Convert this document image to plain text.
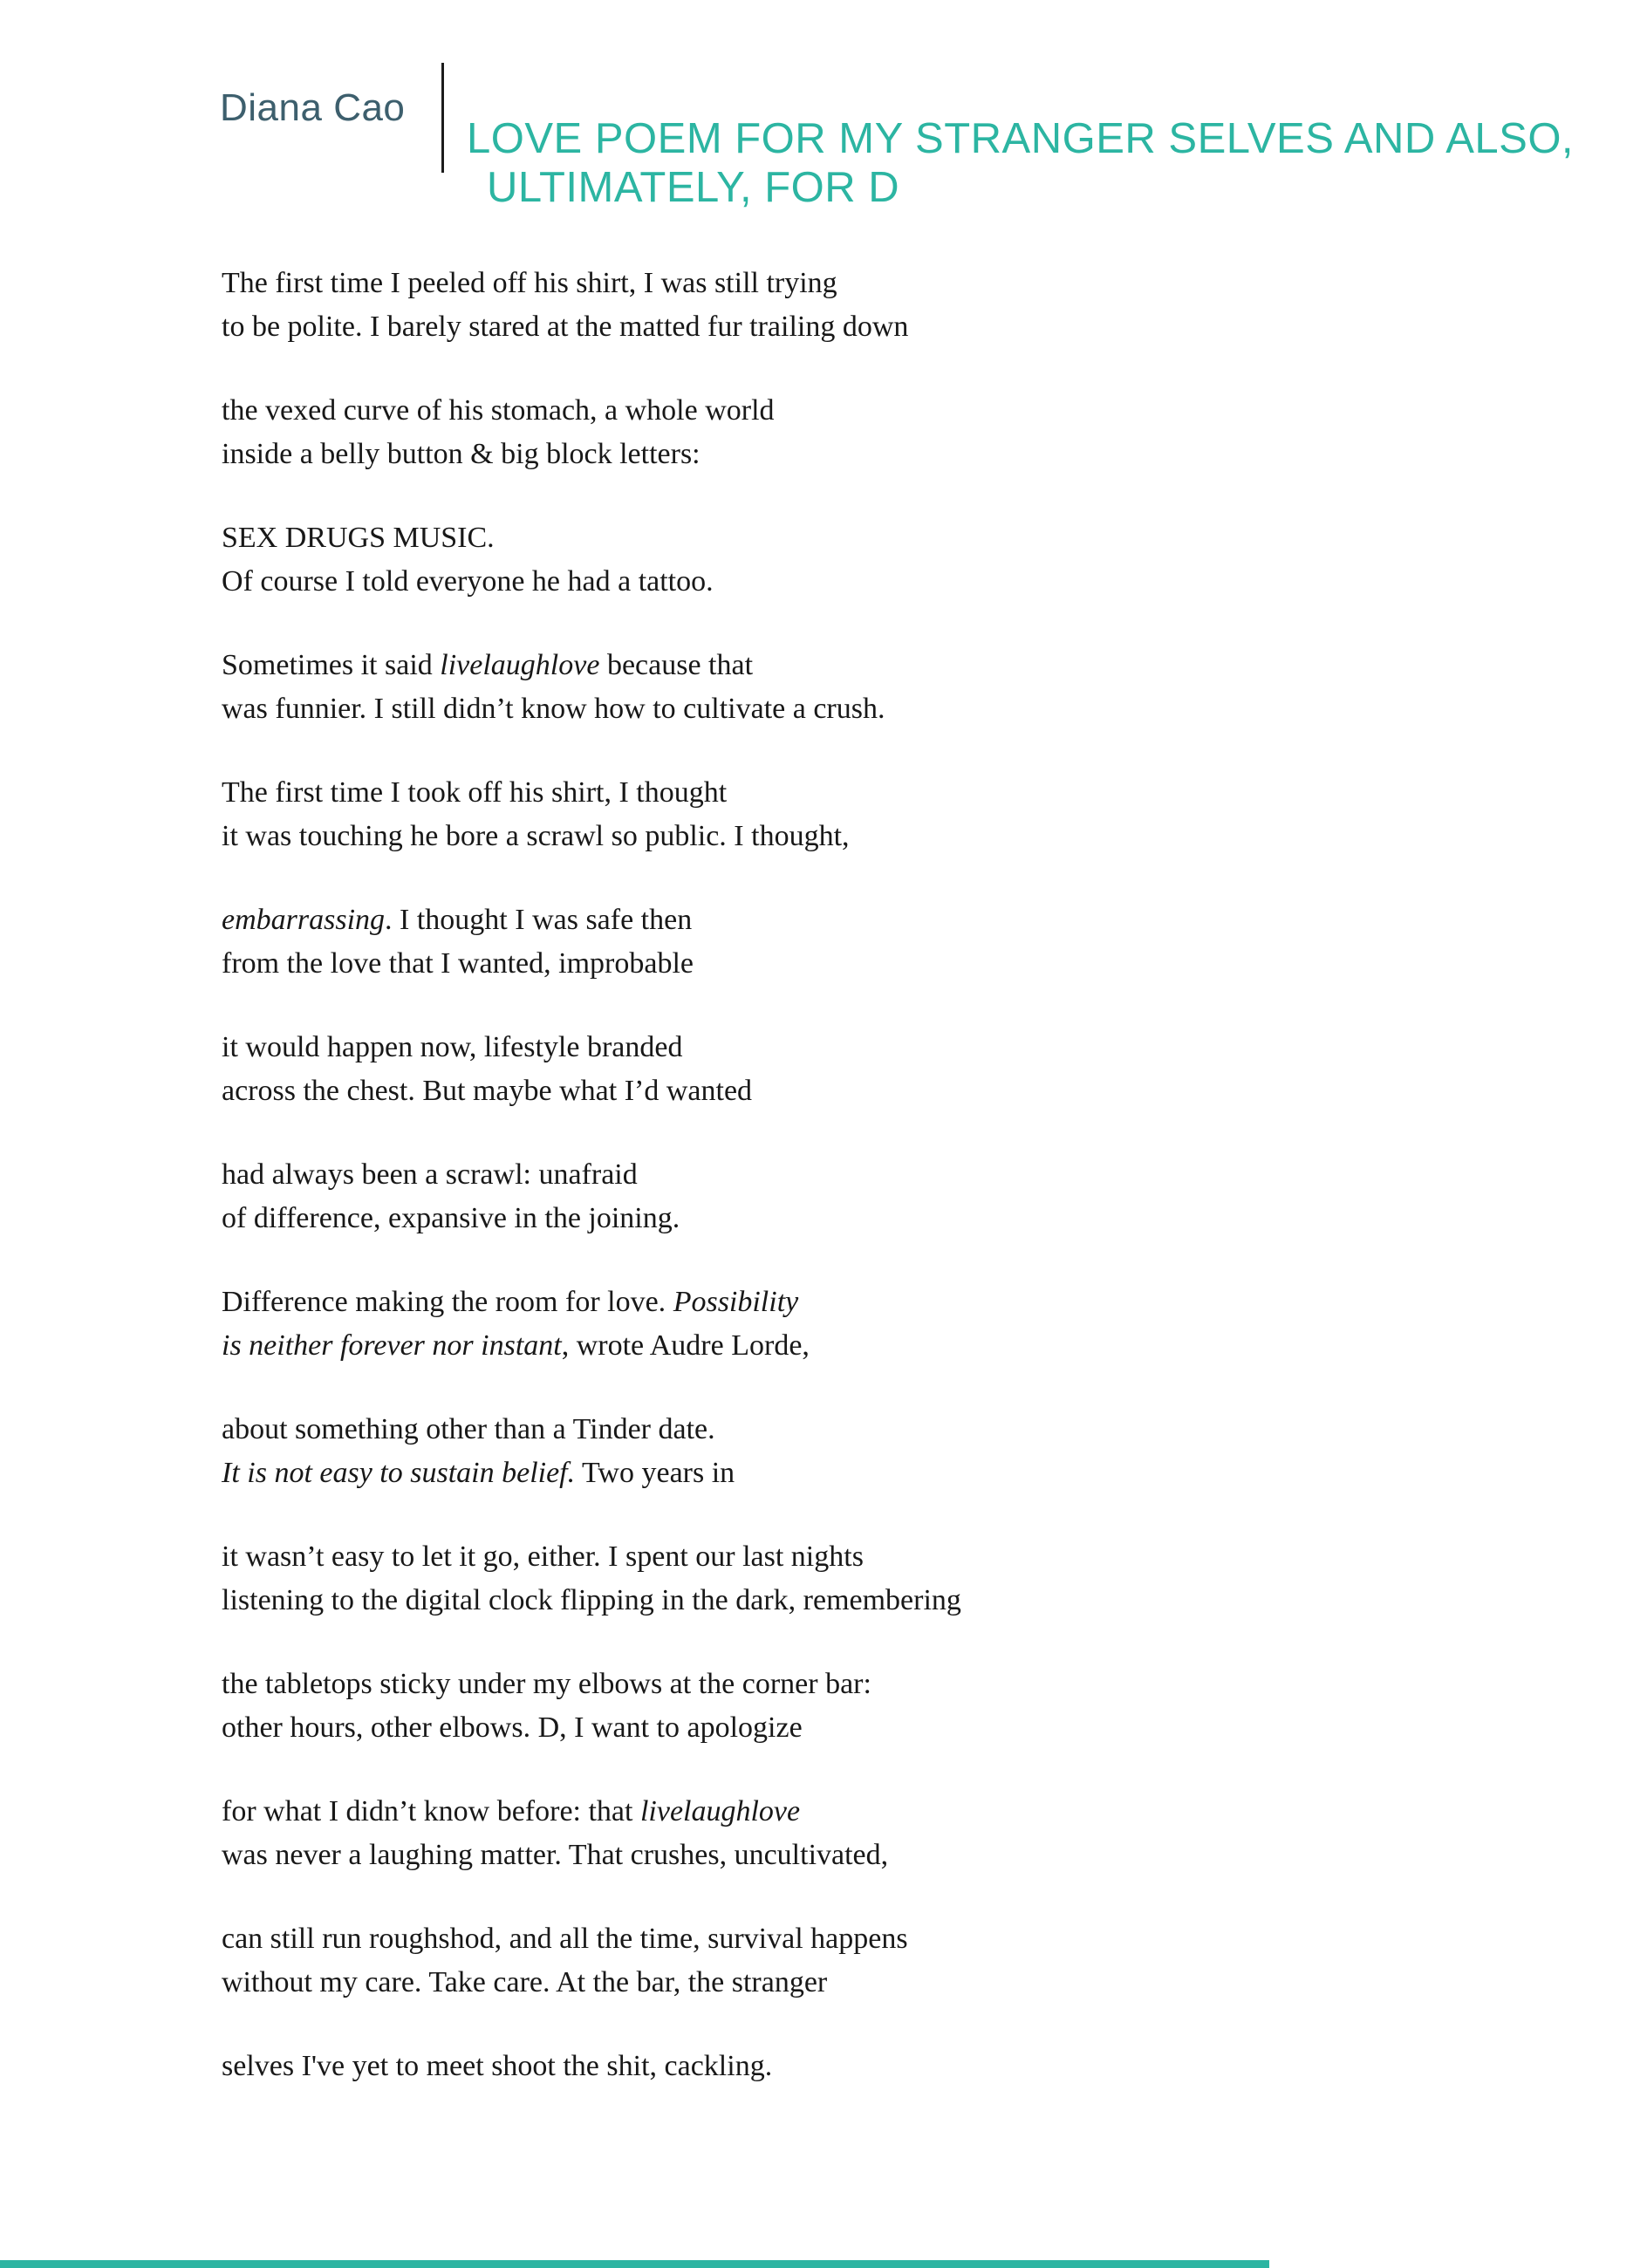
Diana Cao
LOVE POEM FOR MY STRANGER SELVES AND ALSO,
ULTIMATELY, FOR D

The first time I peeled off his shirt, I was still trying
to be polite. I barely stared at the matted fur trailing down

the vexed curve of his stomach, a whole world
inside a belly button & big block letters:

SEX DRUGS MUSIC.
Of course I told everyone he had a tattoo.

Sometimes it said livelaughlove because that
was funnier. I still didn’t know how to cultivate a crush.

The first time I took off his shirt, I thought
it was touching he bore a scrawl so public. I thought,

embarrassing. I thought I was safe then
from the love that I wanted, improbable

it would happen now, lifestyle branded
across the chest. But maybe what I’d wanted

had always been a scrawl: unafraid
of difference, expansive in the joining.

Difference making the room for love. Possibility
is neither forever nor instant, wrote Audre Lorde,

about something other than a Tinder date.
It is not easy to sustain belief. Two years in

it wasn’t easy to let it go, either. I spent our last nights
listening to the digital clock flipping in the dark, remembering

the tabletops sticky under my elbows at the corner bar:
other hours, other elbows. D, I want to apologize

for what I didn’t know before: that livelaughlove
was never a laughing matter. That crushes, uncultivated,

can still run roughshod, and all the time, survival happens
without my care. Take care. At the bar, the stranger

selves I've yet to meet shoot the shit, cackling.
